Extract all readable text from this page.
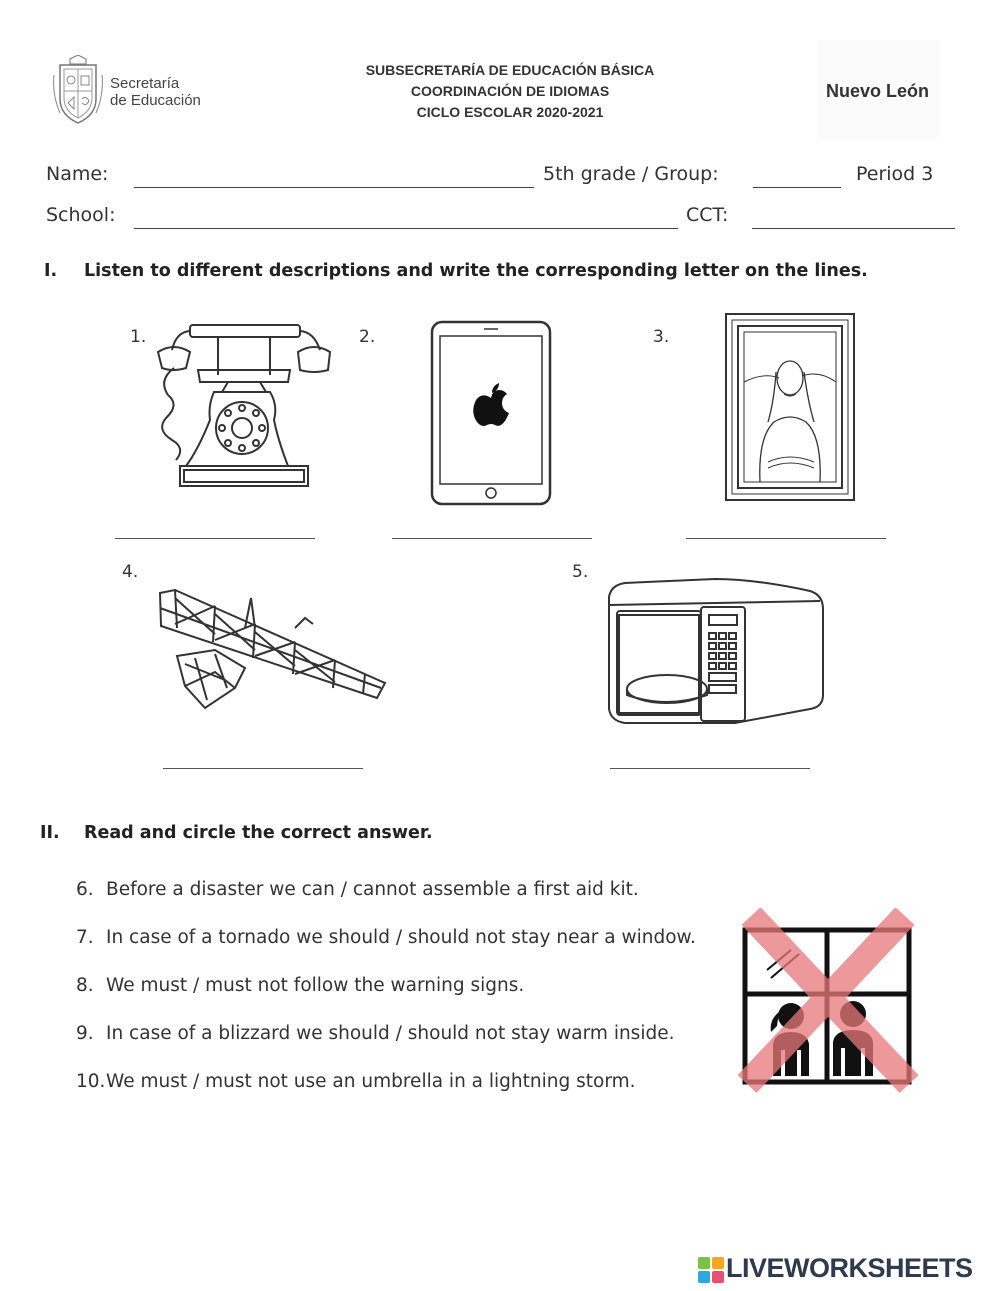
Secretaría
de Educación
SUBSECRETARÍA DE EDUCACIÓN BÁSICA
COORDINACIÓN DE IDIOMAS
CICLO ESCOLAR 2020-2021
Nuevo León
Name:	5th grade / Group:	Period 3
School:	CCT:
I. Listen to different descriptions and write the corresponding letter on the lines.
1.	2.	3.
4.	5.
II. Read and circle the correct answer.
6. Before a disaster we can / cannot assemble a first aid kit.
7. In case of a tornado we should / should not stay near a window.
8. We must / must not follow the warning signs.
9. In case of a blizzard we should / should not stay warm inside.
10.We must / must not use an umbrella in a lightning storm.
LIVEWORKSHEETS
